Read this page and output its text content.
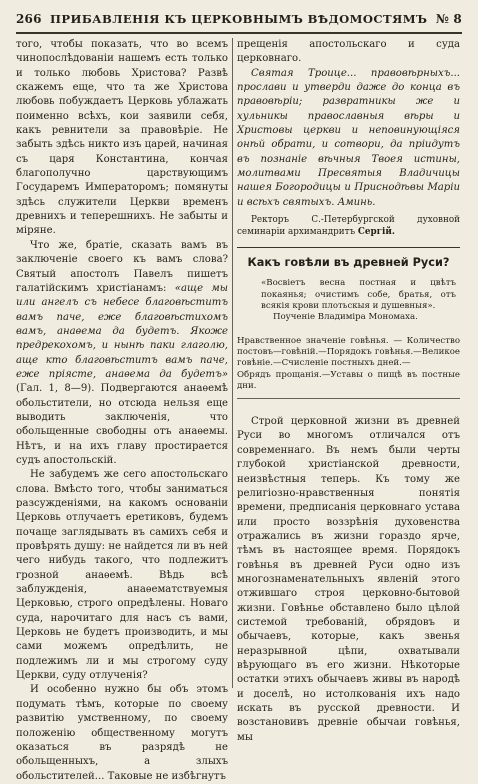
266 ПРИБАВЛЕНІЯ КЪ ЦЕРКОВНЫМЪ ВѢДОМОСТЯМЪ № 8

того, чтобы показать, что во всемъ чинопослѣдованіи нашемъ есть только и только любовь Христова? Развѣ скажемъ еще, что та же Христова любовь побуждаетъ Церковь ублажать поименно всѣхъ, кои заявили себя, какъ ревнители за правовѣріе. Не забыть здѣсь никто изъ царей, начиная съ царя Константина, кончая благополучно царствующимъ Государемъ Императоромъ; помянуты здѣсь служители Церкви временъ древнихъ и теперешнихъ. Не забыты и міряне.

Что же, братіе, сказать вамъ въ заключеніе своего къ вамъ слова? Святый апостолъ Павелъ пишетъ галатійскимъ христіанамъ: «аще мы или ангелъ съ небесе благовѣститъ вамъ паче, еже благовѣстихомъ вамъ, анаѳема да будетъ. Якоже предрекохомъ, и нынѣ паки глаголю, аще кто благовѣститъ вамъ паче, еже пріясте, анаѳема да будетъ» (Гал. 1, 8—9). Подвергаются анаѳемѣ обольстители, но отсюда нельзя еще выводить заключенія, что обольщенные свободны отъ анаѳемы. Нѣтъ, и на ихъ главу простирается судъ апостольскій.

Не забудемъ же сего апостольскаго слова. Вмѣсто того, чтобы заниматься разсужденіями, на какомъ основаніи Церковь отлучаетъ еретиковъ, будемъ почаще заглядывать въ самихъ себя и провѣрять душу: не найдется ли въ ней чего нибудь такого, что подлежитъ грозной анаѳемѣ. Вѣдь всѣ заблужденія, анаѳематствуемыя Церковью, строго опредѣлены. Новаго суда, нарочитаго для насъ съ вами, Церковь не будетъ производить, и мы сами можемъ опредѣлить, не подлежимъ ли и мы строгому суду Церкви, суду отлученія?

И особенно нужно бы объ этомъ подумать тѣмъ, которые по своему развитію умственному, по своему положенію общественному могутъ оказаться въ разрядѣ не обольщенныхъ, а злыхъ обольстителей... Таковые не избѣгнутъ

прещенія апостольскаго и суда церковнаго.

Святая Троице... правовѣрныхъ... прослави и утверди даже до конца въ правовѣріи; развратникы же и хульникы православныя вѣры и Христовы церкви и неповинующіяся онѣй обрати, и сотвори, да пріидутъ въ познаніе вѣчныя Твоея истины, молитвами Пресвятыя Владичицы нашея Богородицы и Приснодѣвы Маріи и всѣхъ святыхъ. Аминь.

Ректоръ С.-Петербургской духовной семинаріи архимандритъ Сергій.
Какъ говѣли въ древней Руси?
«Восвіетъ весна постная и цвѣтъ покаянья; очистимъ собе, братья, отъ всякія крови плотьскыя и душевныя».
Поученіе Владиміра Мономаха.
Нравственное значеніе говѣнья. — Количество постовъ—говѣній.—Порядокъ говѣнья.—Великое говѣніе.—Счисленіе постныхъ дней.—
Обрядъ прощанія.—Уставы о пищѣ въ постные дни.

Строй церковной жизни въ древней Руси во многомъ отличался отъ современнаго. Въ немъ были черты глубокой христіанской древности, неизвѣстныя теперь. Къ тому же религіозно-нравственныя понятія времени, предписанія церковнаго устава или просто воззрѣнія духовенства отражались въ жизни гораздо ярче, тѣмъ въ настоящее время. Порядокъ говѣнья въ древней Руси одно изъ многознаменательныхъ явленій этого отжившаго строя церковно-бытовой жизни. Говѣнье обставлено было цѣлой системой требованій, обрядовъ и обычаевъ, которые, какъ звенья неразрывной цѣпи, охватывали вѣрующаго въ его жизни. Нѣкоторые остатки этихъ обычаевъ живы въ народѣ и доселѣ, но истолкованія ихъ надо искать въ русской древности. И возстановивъ древніе обычаи говѣнья, мы
